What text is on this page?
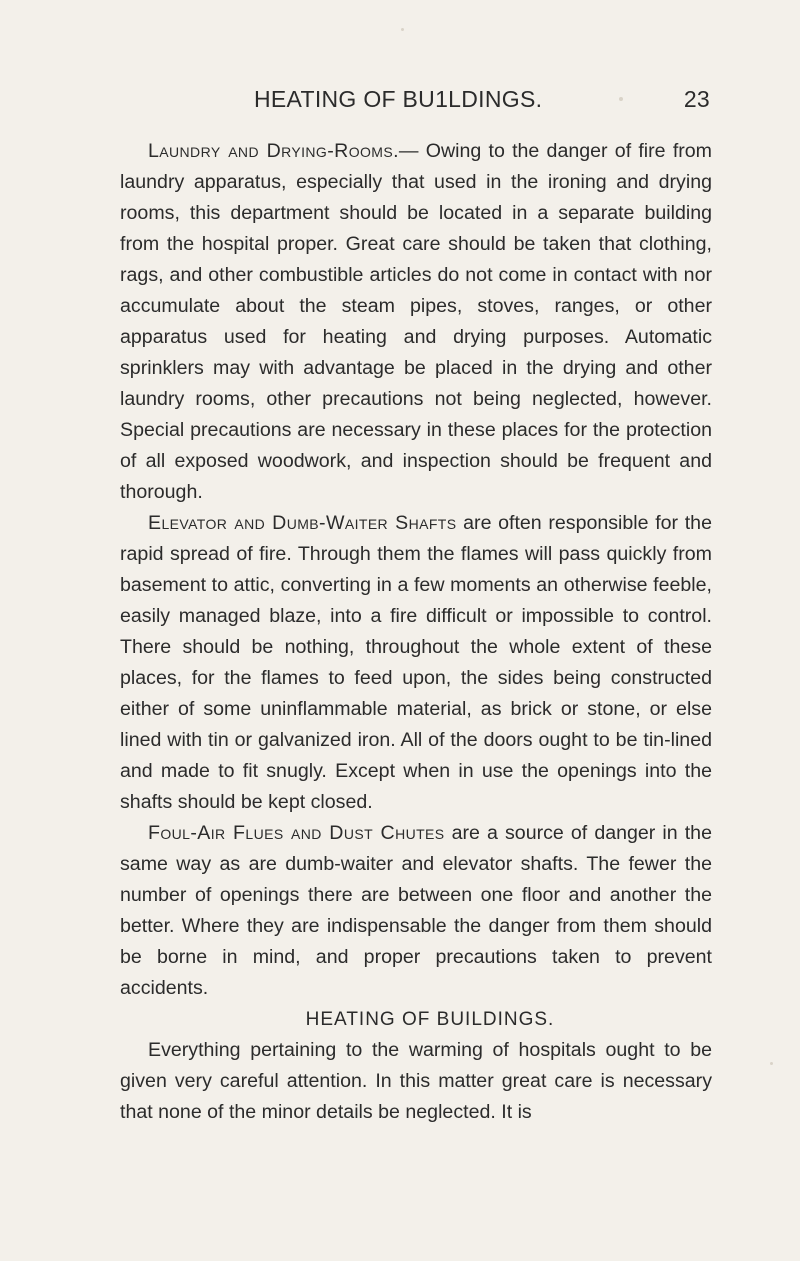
HEATING OF BU1LDINGS.	23

Laundry and Drying-Rooms.— Owing to the danger of fire from laundry apparatus, especially that used in the ironing and drying rooms, this department should be located in a separate building from the hospital proper. Great care should be taken that clothing, rags, and other combustible articles do not come in contact with nor accumulate about the steam pipes, stoves, ranges, or other apparatus used for heating and drying purposes. Automatic sprinklers may with advantage be placed in the drying and other laundry rooms, other precautions not being neglected, however. Special precautions are necessary in these places for the protection of all exposed woodwork, and inspection should be frequent and thorough.

Elevator and Dumb-Waiter Shafts are often responsible for the rapid spread of fire. Through them the flames will pass quickly from basement to attic, converting in a few moments an otherwise feeble, easily managed blaze, into a fire difficult or impossible to control. There should be nothing, throughout the whole extent of these places, for the flames to feed upon, the sides being constructed either of some uninflammable material, as brick or stone, or else lined with tin or galvanized iron. All of the doors ought to be tin-lined and made to fit snugly. Except when in use the openings into the shafts should be kept closed.

Foul-Air Flues and Dust Chutes are a source of danger in the same way as are dumb-waiter and elevator shafts. The fewer the number of openings there are between one floor and another the better. Where they are indispensable the danger from them should be borne in mind, and proper precautions taken to prevent accidents.

HEATING OF BUILDINGS.

Everything pertaining to the warming of hospitals ought to be given very careful attention. In this matter great care is necessary that none of the minor details be neglected. It is
